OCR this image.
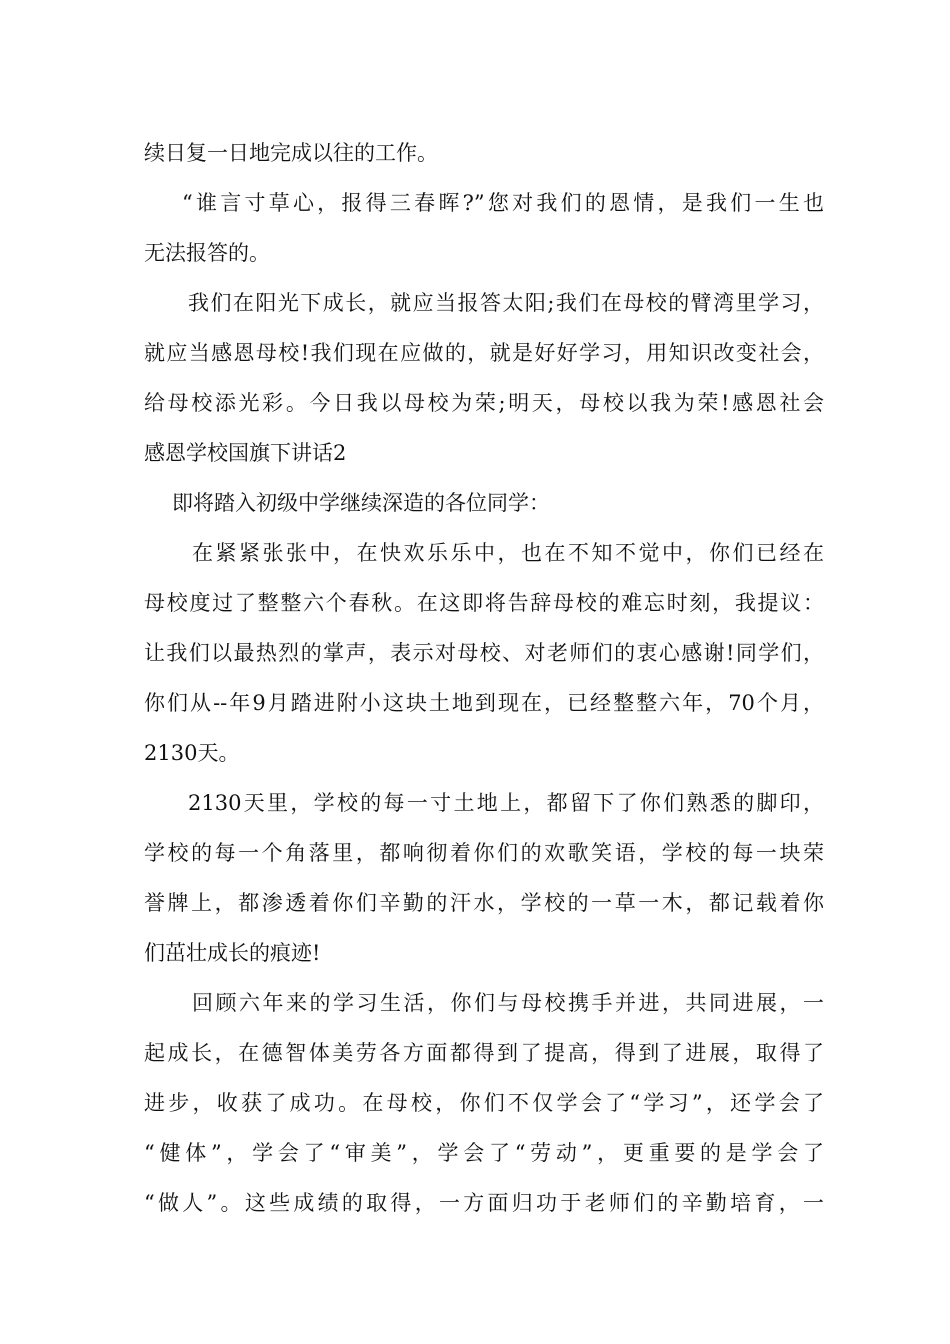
续日复一日地完成以往的工作。
“谁言寸草心，报得三春晖?”您对我们的恩情，是我们一生也
无法报答的。
我们在阳光下成长，就应当报答太阳;我们在母校的臂湾里学习，
就应当感恩母校!我们现在应做的，就是好好学习，用知识改变社会，
给母校添光彩。今日我以母校为荣;明天，母校以我为荣!感恩社会
感恩学校国旗下讲话2
即将踏入初级中学继续深造的各位同学：
在紧紧张张中，在快欢乐乐中，也在不知不觉中，你们已经在
母校度过了整整六个春秋。在这即将告辞母校的难忘时刻，我提议：
让我们以最热烈的掌声，表示对母校、对老师们的衷心感谢!同学们，
你们从--年9月踏进附小这块土地到现在，已经整整六年，70个月，
2130天。
2130天里，学校的每一寸土地上，都留下了你们熟悉的脚印，
学校的每一个角落里，都响彻着你们的欢歌笑语，学校的每一块荣
誉牌上，都渗透着你们辛勤的汗水，学校的一草一木，都记载着你
们茁壮成长的痕迹!
回顾六年来的学习生活，你们与母校携手并进，共同进展，一
起成长，在德智体美劳各方面都得到了提高，得到了进展，取得了
进步，收获了成功。在母校，你们不仅学会了“学习”，还学会了
“健体”，学会了“审美”，学会了“劳动”，更重要的是学会了
“做人”。这些成绩的取得，一方面归功于老师们的辛勤培育，一
